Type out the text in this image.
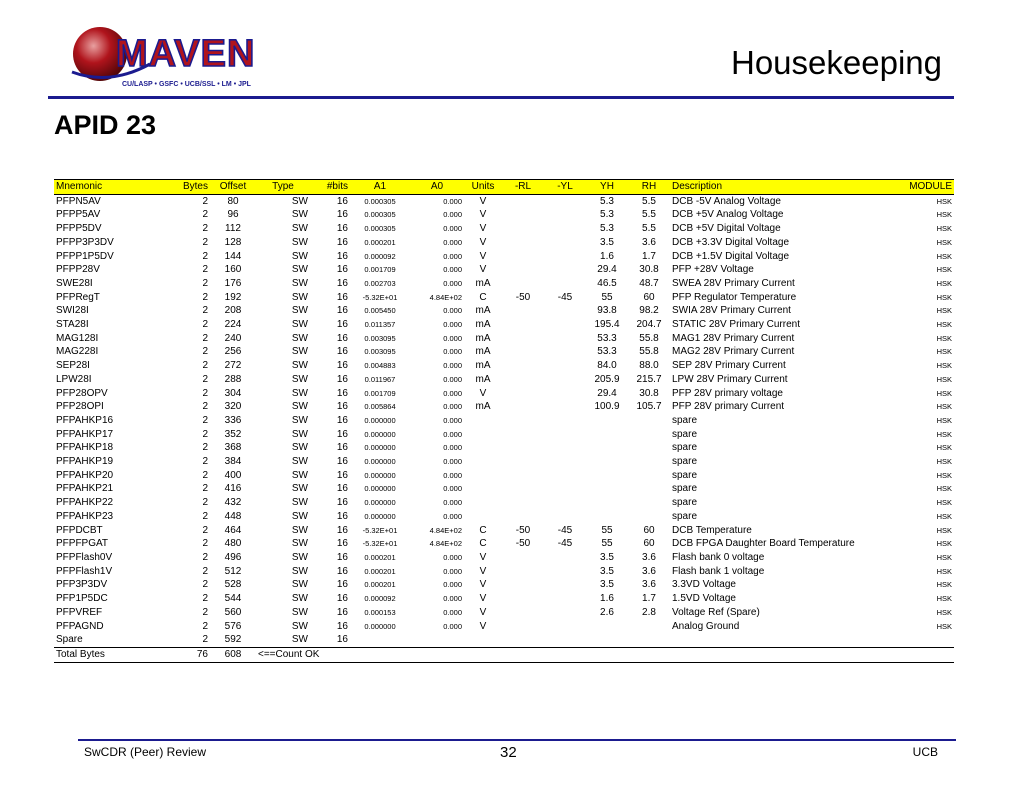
MAVEN
CU/LASP • GSFC • UCB/SSL • LM • JPL
Housekeeping
APID 23
Mnemonic	Bytes	Offset	Type	#bits	A1	A0	Units	-RL	-YL	YH	RH	Description	MODULE
PFPN5AV	2	80	SW	16	0.000305	0.000	V			5.3	5.5	DCB -5V Analog Voltage	HSK
PFPP5AV	2	96	SW	16	0.000305	0.000	V			5.3	5.5	DCB +5V Analog Voltage	HSK
PFPP5DV	2	112	SW	16	0.000305	0.000	V			5.3	5.5	DCB +5V Digital Voltage	HSK
PFPP3P3DV	2	128	SW	16	0.000201	0.000	V			3.5	3.6	DCB +3.3V Digital Voltage	HSK
PFPP1P5DV	2	144	SW	16	0.000092	0.000	V			1.6	1.7	DCB +1.5V Digital Voltage	HSK
PFPP28V	2	160	SW	16	0.001709	0.000	V			29.4	30.8	PFP +28V Voltage	HSK
SWE28I	2	176	SW	16	0.002703	0.000	mA			46.5	48.7	SWEA 28V Primary Current	HSK
PFPRegT	2	192	SW	16	-5.32E+01	4.84E+02	C	-50	-45	55	60	PFP Regulator Temperature	HSK
SWI28I	2	208	SW	16	0.005450	0.000	mA			93.8	98.2	SWIA 28V Primary Current	HSK
STA28I	2	224	SW	16	0.011357	0.000	mA			195.4	204.7	STATIC 28V Primary Current	HSK
MAG128I	2	240	SW	16	0.003095	0.000	mA			53.3	55.8	MAG1 28V Primary Current	HSK
MAG228I	2	256	SW	16	0.003095	0.000	mA			53.3	55.8	MAG2 28V Primary Current	HSK
SEP28I	2	272	SW	16	0.004883	0.000	mA			84.0	88.0	SEP 28V Primary Current	HSK
LPW28I	2	288	SW	16	0.011967	0.000	mA			205.9	215.7	LPW 28V Primary Current	HSK
PFP28OPV	2	304	SW	16	0.001709	0.000	V			29.4	30.8	PFP 28V primary voltage	HSK
PFP28OPI	2	320	SW	16	0.005864	0.000	mA			100.9	105.7	PFP 28V primary Current	HSK
PFPAHKP16	2	336	SW	16	0.000000	0.000						spare	HSK
PFPAHKP17	2	352	SW	16	0.000000	0.000						spare	HSK
PFPAHKP18	2	368	SW	16	0.000000	0.000						spare	HSK
PFPAHKP19	2	384	SW	16	0.000000	0.000						spare	HSK
PFPAHKP20	2	400	SW	16	0.000000	0.000						spare	HSK
PFPAHKP21	2	416	SW	16	0.000000	0.000						spare	HSK
PFPAHKP22	2	432	SW	16	0.000000	0.000						spare	HSK
PFPAHKP23	2	448	SW	16	0.000000	0.000						spare	HSK
PFPDCBT	2	464	SW	16	-5.32E+01	4.84E+02	C	-50	-45	55	60	DCB Temperature	HSK
PFPFPGAT	2	480	SW	16	-5.32E+01	4.84E+02	C	-50	-45	55	60	DCB FPGA Daughter Board Temperature	HSK
PFPFlash0V	2	496	SW	16	0.000201	0.000	V			3.5	3.6	Flash bank 0 voltage	HSK
PFPFlash1V	2	512	SW	16	0.000201	0.000	V			3.5	3.6	Flash bank 1 voltage	HSK
PFP3P3DV	2	528	SW	16	0.000201	0.000	V			3.5	3.6	3.3VD Voltage	HSK
PFP1P5DC	2	544	SW	16	0.000092	0.000	V			1.6	1.7	1.5VD Voltage	HSK
PFPVREF	2	560	SW	16	0.000153	0.000	V			2.6	2.8	Voltage Ref (Spare)	HSK
PFPAGND	2	576	SW	16	0.000000	0.000	V					Analog Ground	HSK
Spare	2	592	SW	16									
Total Bytes	76	608	<==Count OK										
SwCDR (Peer) Review	32	UCB
